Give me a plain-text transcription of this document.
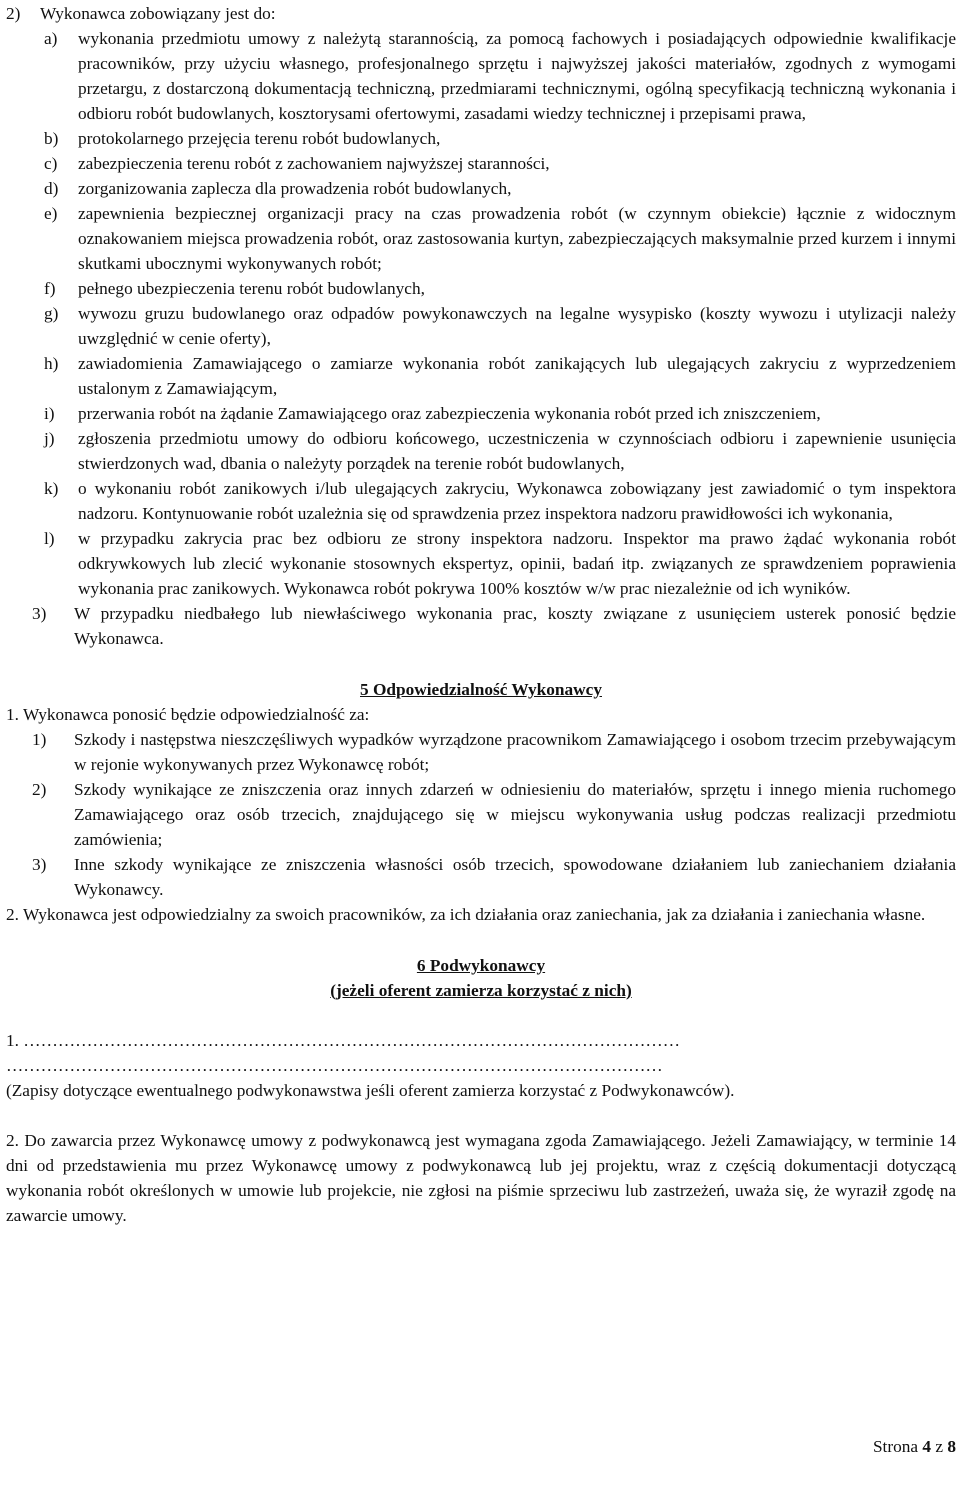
2)	Wykonawca zobowiązany jest do:
a)	wykonania przedmiotu umowy z należytą starannością, za pomocą fachowych i posiadających odpowiednie kwalifikacje pracowników, przy użyciu własnego, profesjonalnego sprzętu i najwyższej jakości materiałów, zgodnych z wymogami przetargu, z dostarczoną dokumentacją techniczną, przedmiarami technicznymi, ogólną specyfikacją techniczną wykonania i odbioru robót budowlanych, kosztorysami ofertowymi, zasadami wiedzy technicznej i przepisami prawa,
b)	protokolarnego przejęcia terenu robót budowlanych,
c)	zabezpieczenia terenu robót z zachowaniem najwyższej staranności,
d)	zorganizowania zaplecza dla prowadzenia robót budowlanych,
e)	zapewnienia bezpiecznej organizacji pracy na czas prowadzenia robót (w czynnym obiekcie) łącznie z widocznym oznakowaniem miejsca prowadzenia robót, oraz zastosowania kurtyn, zabezpieczających maksymalnie przed kurzem i innymi skutkami ubocznymi wykonywanych robót;
f)	pełnego ubezpieczenia terenu robót budowlanych,
g)	wywozu gruzu budowlanego oraz odpadów powykonawczych na legalne wysypisko (koszty wywozu i utylizacji należy uwzględnić w cenie oferty),
h)	zawiadomienia Zamawiającego o zamiarze wykonania robót zanikających lub ulegających zakryciu z wyprzedzeniem ustalonym z Zamawiającym,
i)	przerwania robót na żądanie Zamawiającego oraz zabezpieczenia wykonania robót przed ich zniszczeniem,
j)	zgłoszenia przedmiotu umowy do odbioru końcowego, uczestniczenia w czynnościach odbioru i zapewnienie usunięcia stwierdzonych wad, dbania o należyty porządek na terenie robót budowlanych,
k)	o wykonaniu robót zanikowych i/lub ulegających zakryciu, Wykonawca zobowiązany jest zawiadomić o tym inspektora nadzoru. Kontynuowanie robót uzależnia się od sprawdzenia przez inspektora nadzoru prawidłowości ich wykonania,
l)	w przypadku zakrycia prac bez odbioru ze strony inspektora nadzoru. Inspektor ma prawo żądać wykonania robót odkrywkowych lub zlecić wykonanie stosownych ekspertyz, opinii, badań itp. związanych ze sprawdzeniem poprawienia wykonania prac zanikowych. Wykonawca robót pokrywa 100% kosztów w/w prac niezależnie od ich wyników.
3)	W przypadku niedbałego lub niewłaściwego wykonania prac, koszty związane z usunięciem usterek ponosić będzie Wykonawca.
5 Odpowiedzialność Wykonawcy
1. Wykonawca ponosić będzie odpowiedzialność za:
1)	Szkody i następstwa nieszczęśliwych wypadków wyrządzone pracownikom Zamawiającego i osobom trzecim przebywającym w rejonie wykonywanych przez Wykonawcę robót;
2)	Szkody wynikające ze zniszczenia oraz innych zdarzeń w odniesieniu do materiałów, sprzętu i innego mienia ruchomego Zamawiającego oraz osób trzecich, znajdującego się w miejscu wykonywania usług podczas realizacji przedmiotu zamówienia;
3)	Inne szkody wynikające ze zniszczenia własności osób trzecich, spowodowane działaniem lub zaniechaniem działania Wykonawcy.
2. Wykonawca jest odpowiedzialny za swoich pracowników, za ich działania oraz zaniechania, jak za działania i zaniechania własne.
6 Podwykonawcy
(jeżeli oferent zamierza korzystać z nich)
1. ……………………………………………………………………………………………………
……………………………………………………………………………………………………
(Zapisy dotyczące ewentualnego podwykonawstwa jeśli oferent zamierza korzystać z Podwykonawców).
2. Do zawarcia przez Wykonawcę umowy z podwykonawcą jest wymagana zgoda Zamawiającego. Jeżeli Zamawiający, w terminie 14 dni od przedstawienia mu przez Wykonawcę umowy z podwykonawcą lub jej projektu, wraz z częścią dokumentacji dotyczącą wykonania robót określonych w umowie lub projekcie, nie zgłosi na piśmie sprzeciwu lub zastrzeżeń, uważa się, że wyraził zgodę na zawarcie umowy.
Strona 4 z 8
